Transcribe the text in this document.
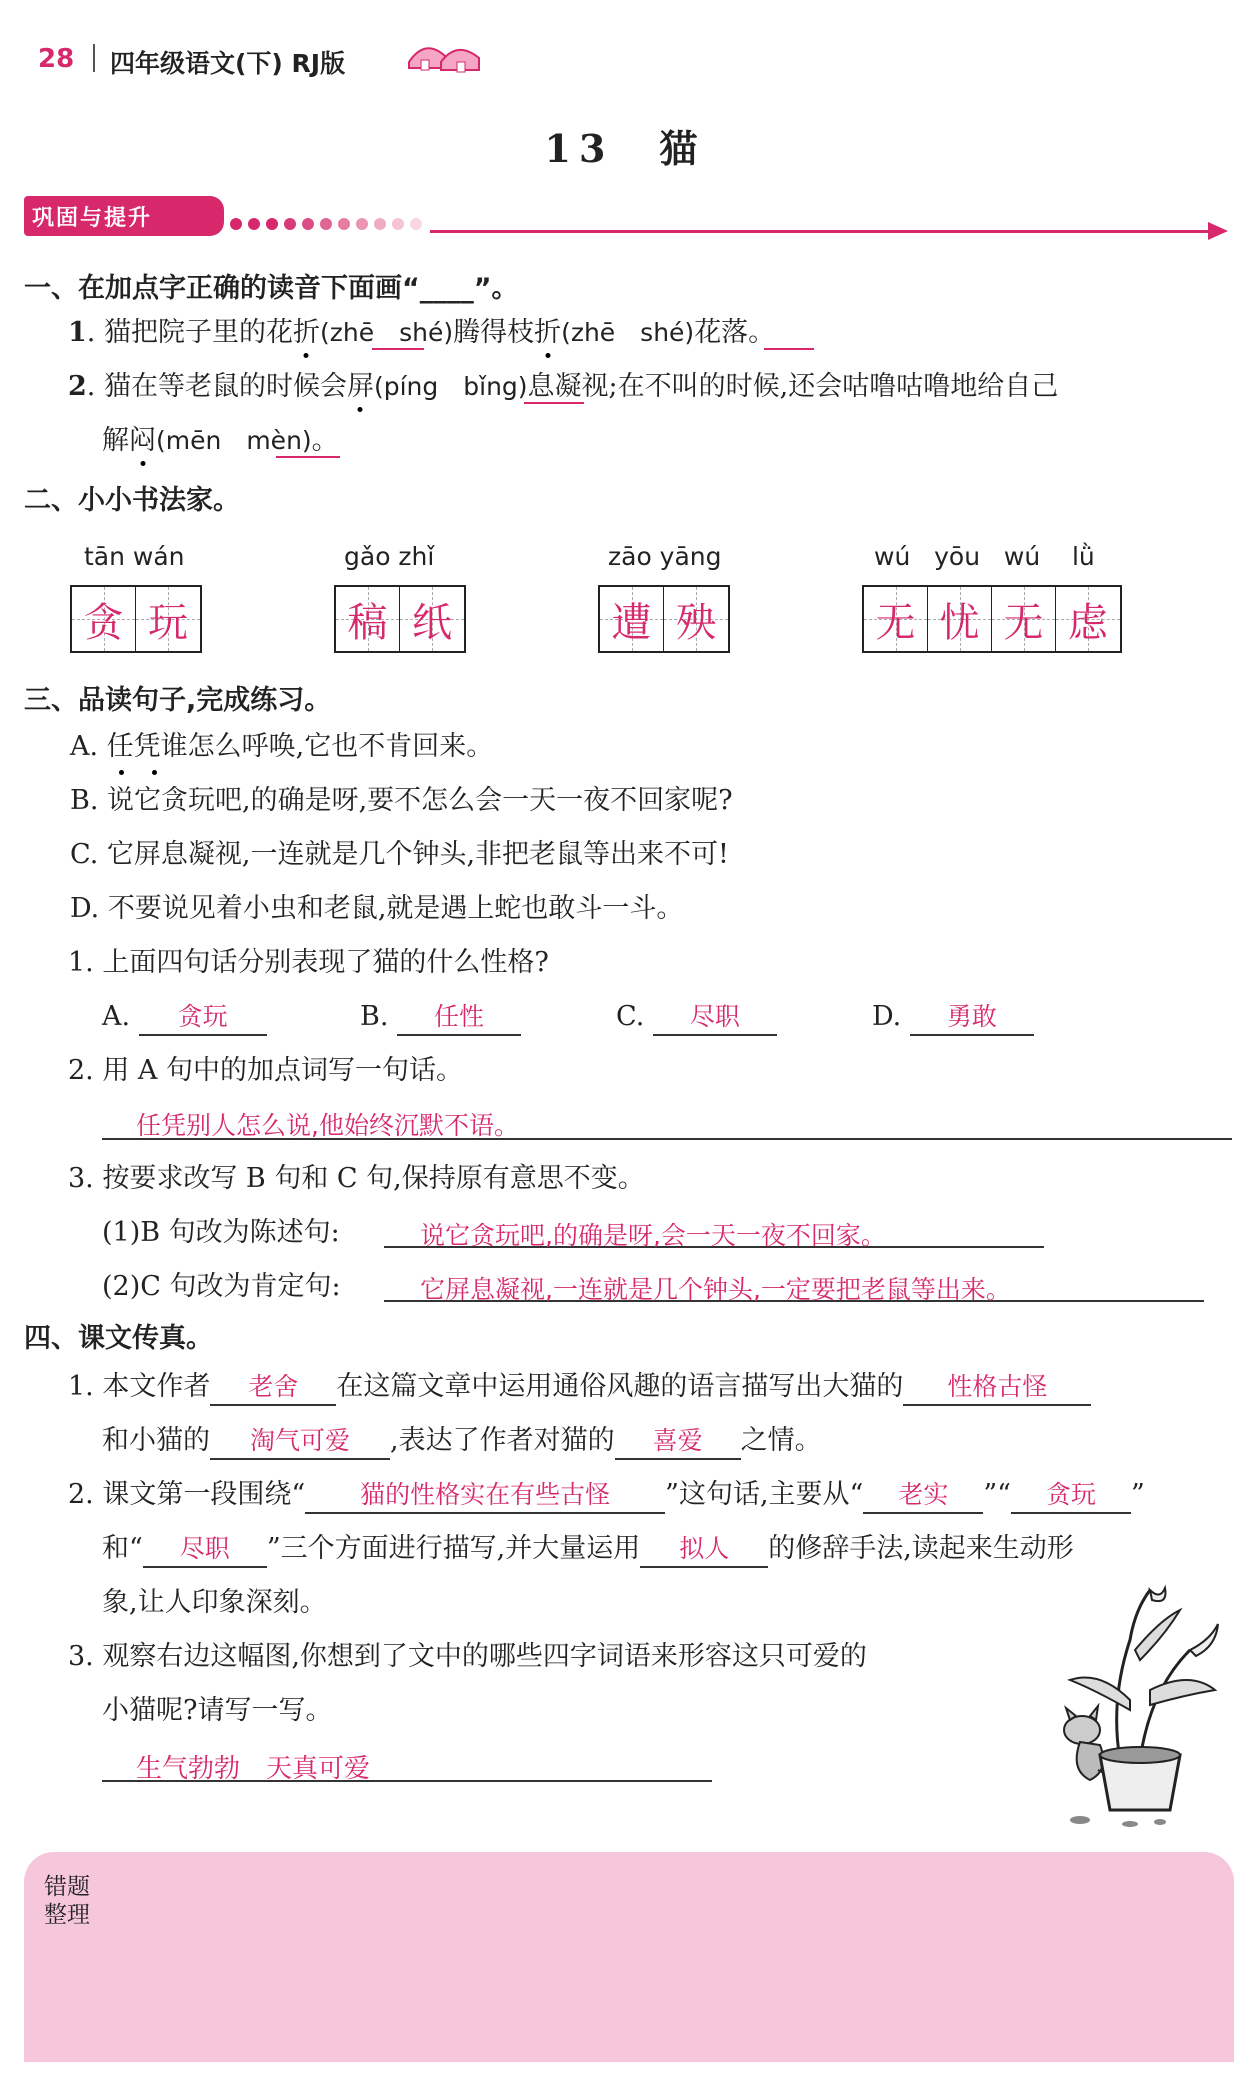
28 四年级语文(下) RJ版
13　猫
巩固与提升
一、在加点字正确的读音下面画“____”。
1. 猫把院子里的花折(zhē　shé)腾得枝折(zhē　shé)花落。
2. 猫在等老鼠的时候会屏(píng　bǐng)息凝视;在不叫的时候,还会咕噜咕噜地给自己
解闷(mēn　mèn)。
二、小小书法家。
tān wán
贪 玩
gǎo zhǐ
稿 纸
zāo yāng
遭 殃
wú   yōu   wú    lǜ
无 忧 无 虑
三、品读句子,完成练习。
A. 任凭谁怎么呼唤,它也不肯回来。
B. 说它贪玩吧,的确是呀,要不怎么会一天一夜不回家呢?
C. 它屏息凝视,一连就是几个钟头,非把老鼠等出来不可!
D. 不要说见着小虫和老鼠,就是遇上蛇也敢斗一斗。
1. 上面四句话分别表现了猫的什么性格?
A. 贪玩	B. 任性	C. 尽职	D. 勇敢
2. 用 A 句中的加点词写一句话。
任凭别人怎么说,他始终沉默不语。
3. 按要求改写 B 句和 C 句,保持原有意思不变。
(1)B 句改为陈述句:	说它贪玩吧,的确是呀,会一天一夜不回家。
(2)C 句改为肯定句:	它屏息凝视,一连就是几个钟头,一定要把老鼠等出来。
四、课文传真。
1. 本文作者 老舍 在这篇文章中运用通俗风趣的语言描写出大猫的 性格古怪
和小猫的 淘气可爱 ,表达了作者对猫的 喜爱 之情。
2. 课文第一段围绕“ 猫的性格实在有些古怪 ”这句话,主要从“ 老实 ”“ 贪玩 ”
和“ 尽职 ”三个方面进行描写,并大量运用 拟人 的修辞手法,读起来生动形
象,让人印象深刻。
3. 观察右边这幅图,你想到了文中的哪些四字词语来形容这只可爱的
小猫呢?请写一写。
生气勃勃　天真可爱
错题
整理
